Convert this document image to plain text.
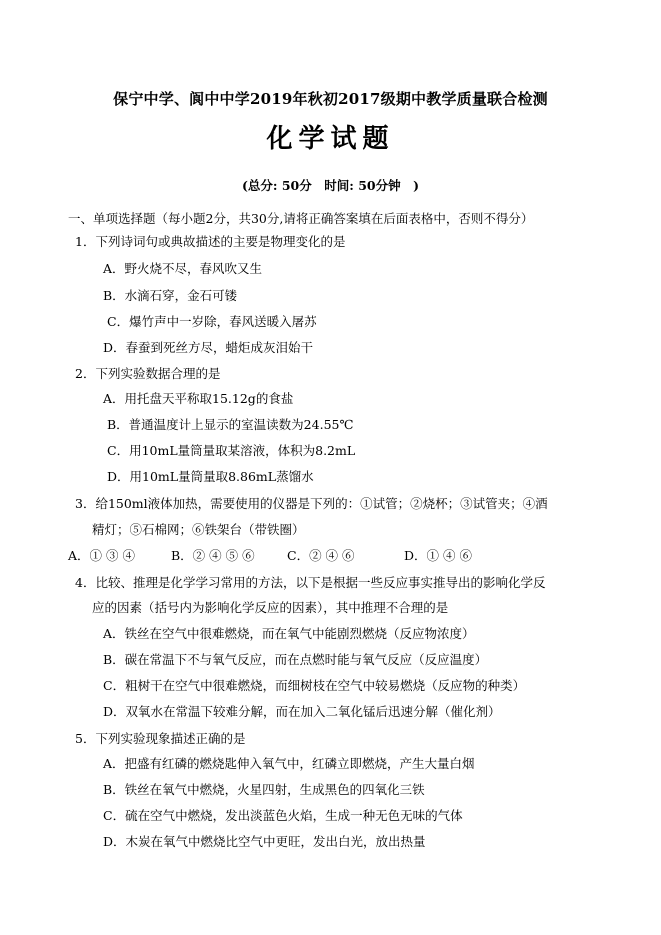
保宁中学、阆中中学2019年秋初2017级期中教学质量联合检测
化学试题
(总分: 50分　时间: 50分钟　)
一、单项选择题（每小题2分，共30分,请将正确答案填在后面表格中，否则不得分）
1．下列诗词句或典故描述的主要是物理变化的是
A．野火烧不尽，春风吹又生
B．水滴石穿，金石可镂
C．爆竹声中一岁除，春风送暖入屠苏
D．春蚕到死丝方尽，蜡炬成灰泪始干
2．下列实验数据合理的是
A．用托盘天平称取15.12g的食盐
B．普通温度计上显示的室温读数为24.55℃
C．用10mL量筒量取某溶液，体积为8.2mL
D．用10mL量筒量取8.86mL蒸馏水
3．给150ml液体加热，需要使用的仪器是下列的：①试管；②烧杯；③试管夹；④酒
精灯；⑤石棉网；⑥铁架台（带铁圈）
A．① ③ ④	B．② ④ ⑤ ⑥	C．② ④ ⑥	D．① ④ ⑥
4．比较、推理是化学学习常用的方法，以下是根据一些反应事实推导出的影响化学反
应的因素（括号内为影响化学反应的因素），其中推理不合理的是
A．铁丝在空气中很难燃烧，而在氧气中能剧烈燃烧（反应物浓度）
B．碳在常温下不与氧气反应，而在点燃时能与氧气反应（反应温度）
C．粗树干在空气中很难燃烧，而细树枝在空气中较易燃烧（反应物的种类）
D．双氧水在常温下较难分解，而在加入二氧化锰后迅速分解（催化剂）
5．下列实验现象描述正确的是
A．把盛有红磷的燃烧匙伸入氧气中，红磷立即燃烧，产生大量白烟
B．铁丝在氧气中燃烧，火星四射，生成黑色的四氧化三铁
C．硫在空气中燃烧，发出淡蓝色火焰，生成一种无色无味的气体
D．木炭在氧气中燃烧比空气中更旺，发出白光，放出热量
